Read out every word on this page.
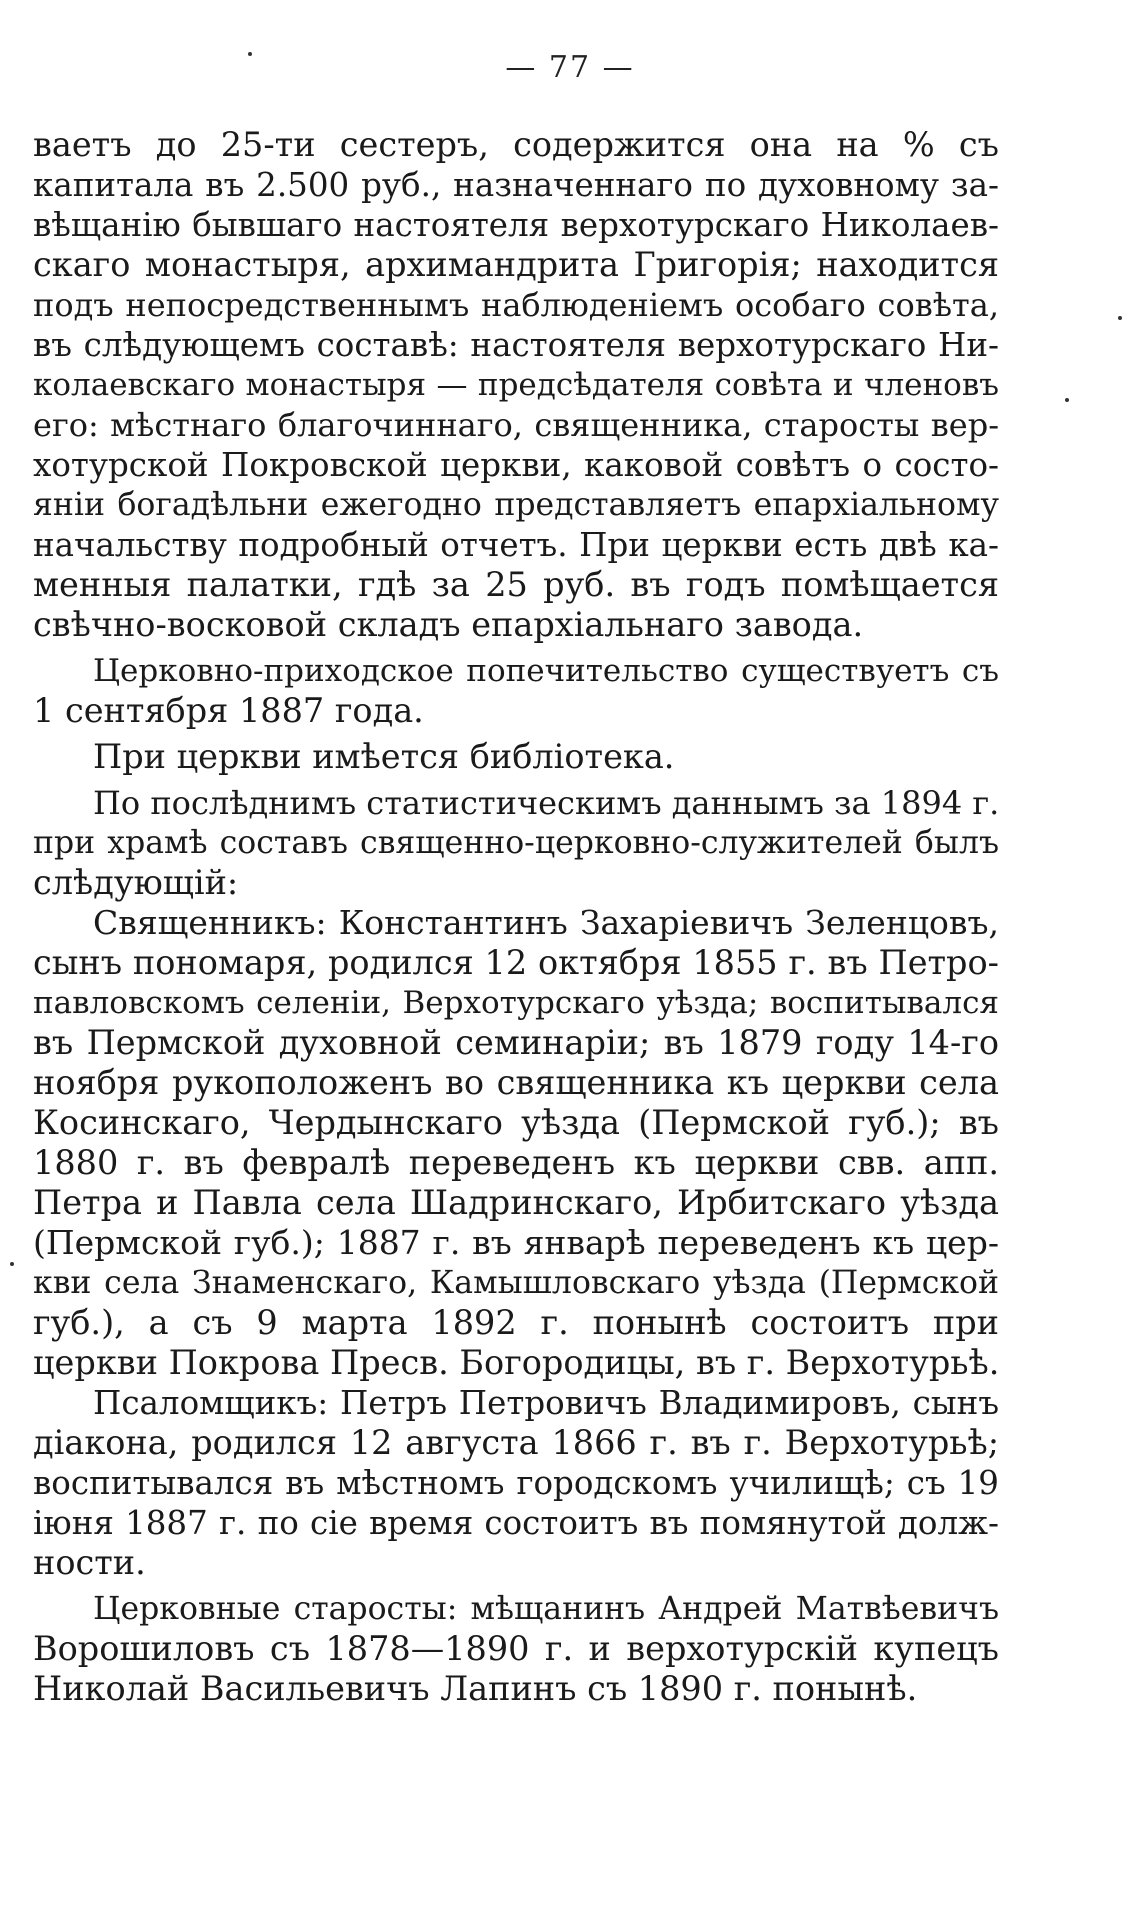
— 77 —
ваетъ до 25-ти сестеръ, содержится она на % съ
капитала въ 2.500 руб., назначеннаго по духовному за-
вѣщанію бывшаго настоятеля верхотурскаго Николаев-
скаго монастыря, архимандрита Григорія; находится
подъ непосредственнымъ наблюденіемъ особаго совѣта,
въ слѣдующемъ составѣ: настоятеля верхотурскаго Ни-
колаевскаго монастыря — предсѣдателя совѣта и членовъ
его: мѣстнаго благочиннаго, священника, старосты вер-
хотурской Покровской церкви, каковой совѣтъ о состо-
яніи богадѣльни ежегодно представляетъ епархіальному
начальству подробный отчетъ. При церкви есть двѣ ка-
менныя палатки, гдѣ за 25 руб. въ годъ помѣщается
свѣчно-восковой складъ епархіальнаго завода.
Церковно-приходское попечительство существуетъ съ
1 сентября 1887 года.
При церкви имѣется библіотека.
По послѣднимъ статистическимъ даннымъ за 1894 г.
при храмѣ составъ священно-церковно-служителей былъ
слѣдующій:
Священникъ: Константинъ Захаріевичъ Зеленцовъ,
сынъ пономаря, родился 12 октября 1855 г. въ Петро-
павловскомъ селеніи, Верхотурскаго уѣзда; воспитывался
въ Пермской духовной семинаріи; въ 1879 году 14-го
ноября рукоположенъ во священника къ церкви села
Косинскаго, Чердынскаго уѣзда (Пермской губ.); въ
1880 г. въ февралѣ переведенъ къ церкви свв. апп.
Петра и Павла села Шадринскаго, Ирбитскаго уѣзда
(Пермской губ.); 1887 г. въ январѣ переведенъ къ цер-
кви села Знаменскаго, Камышловскаго уѣзда (Пермской
губ.), а съ 9 марта 1892 г. понынѣ состоитъ при
церкви Покрова Пресв. Богородицы, въ г. Верхотурьѣ.
Псаломщикъ: Петръ Петровичъ Владимировъ, сынъ
діакона, родился 12 августа 1866 г. въ г. Верхотурьѣ;
воспитывался въ мѣстномъ городскомъ училищѣ; съ 19
іюня 1887 г. по сіе время состоитъ въ помянутой долж-
ности.
Церковные старосты: мѣщанинъ Андрей Матвѣевичъ
Ворошиловъ съ 1878—1890 г. и верхотурскій купецъ
Николай Васильевичъ Лапинъ съ 1890 г. понынѣ.
